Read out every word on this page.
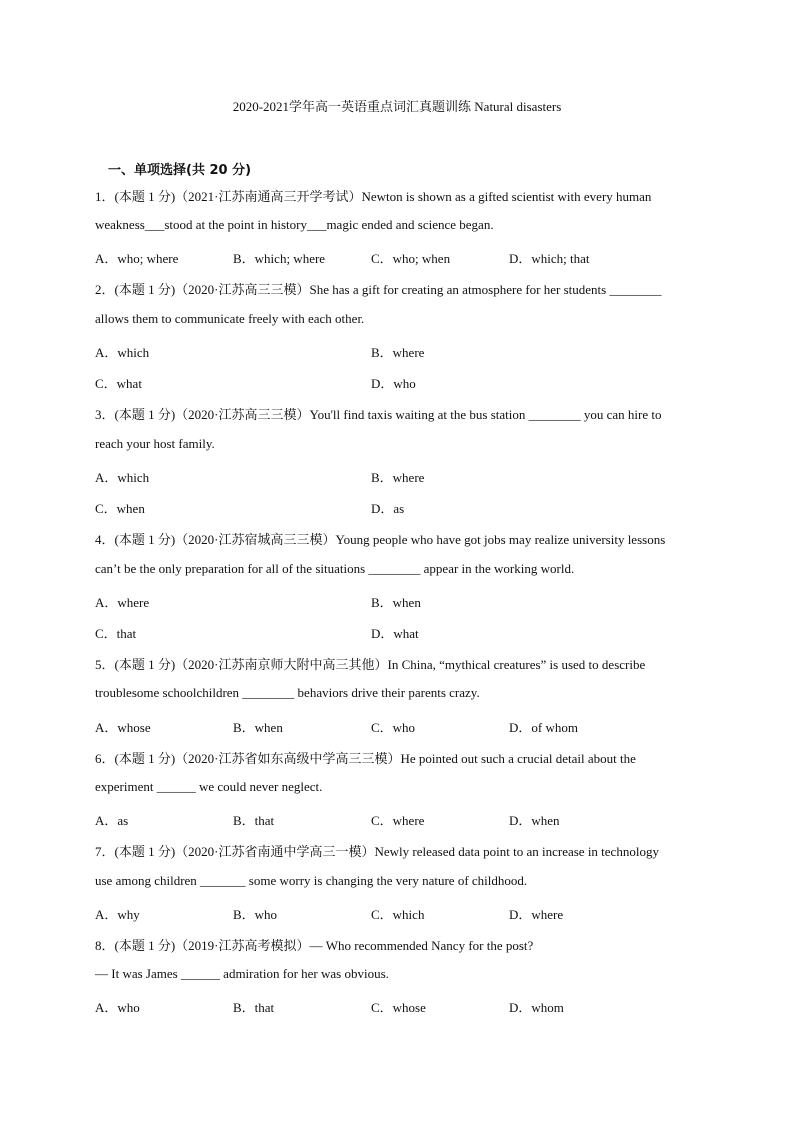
2020-2021学年高一英语重点词汇真题训练 Natural disasters
一、单项选择(共 20 分)
1．(本题 1 分)（2021·江苏南通高三开学考试）Newton is shown as a gifted scientist with every human
weakness___stood at the point in history___magic ended and science began.
A．who; where	B．which; where	C．who; when	D．which; that
2．(本题 1 分)（2020·江苏高三三模）She has a gift for creating an atmosphere for her students ________
allows them to communicate freely with each other.
A．which	B．where
C．what	D．who
3．(本题 1 分)（2020·江苏高三三模）You'll find taxis waiting at the bus station ________ you can hire to
reach your host family.
A．which	B．where
C．when	D．as
4．(本题 1 分)（2020·江苏宿城高三三模）Young people who have got jobs may realize university lessons
can’t be the only preparation for all of the situations ________ appear in the working world.
A．where	B．when
C．that	D．what
5．(本题 1 分)（2020·江苏南京师大附中高三其他）In China, “mythical creatures” is used to describe
troublesome schoolchildren ________ behaviors drive their parents crazy.
A．whose	B．when	C．who	D．of whom
6．(本题 1 分)（2020·江苏省如东高级中学高三三模）He pointed out such a crucial detail about the
experiment ______ we could never neglect.
A．as	B．that	C．where	D．when
7．(本题 1 分)（2020·江苏省南通中学高三一模）Newly released data point to an increase in technology
use among children _______ some worry is changing the very nature of childhood.
A．why	B．who	C．which	D．where
8．(本题 1 分)（2019·江苏高考模拟）— Who recommended Nancy for the post?
— It was James ______ admiration for her was obvious.
A．who	B．that	C．whose	D．whom
